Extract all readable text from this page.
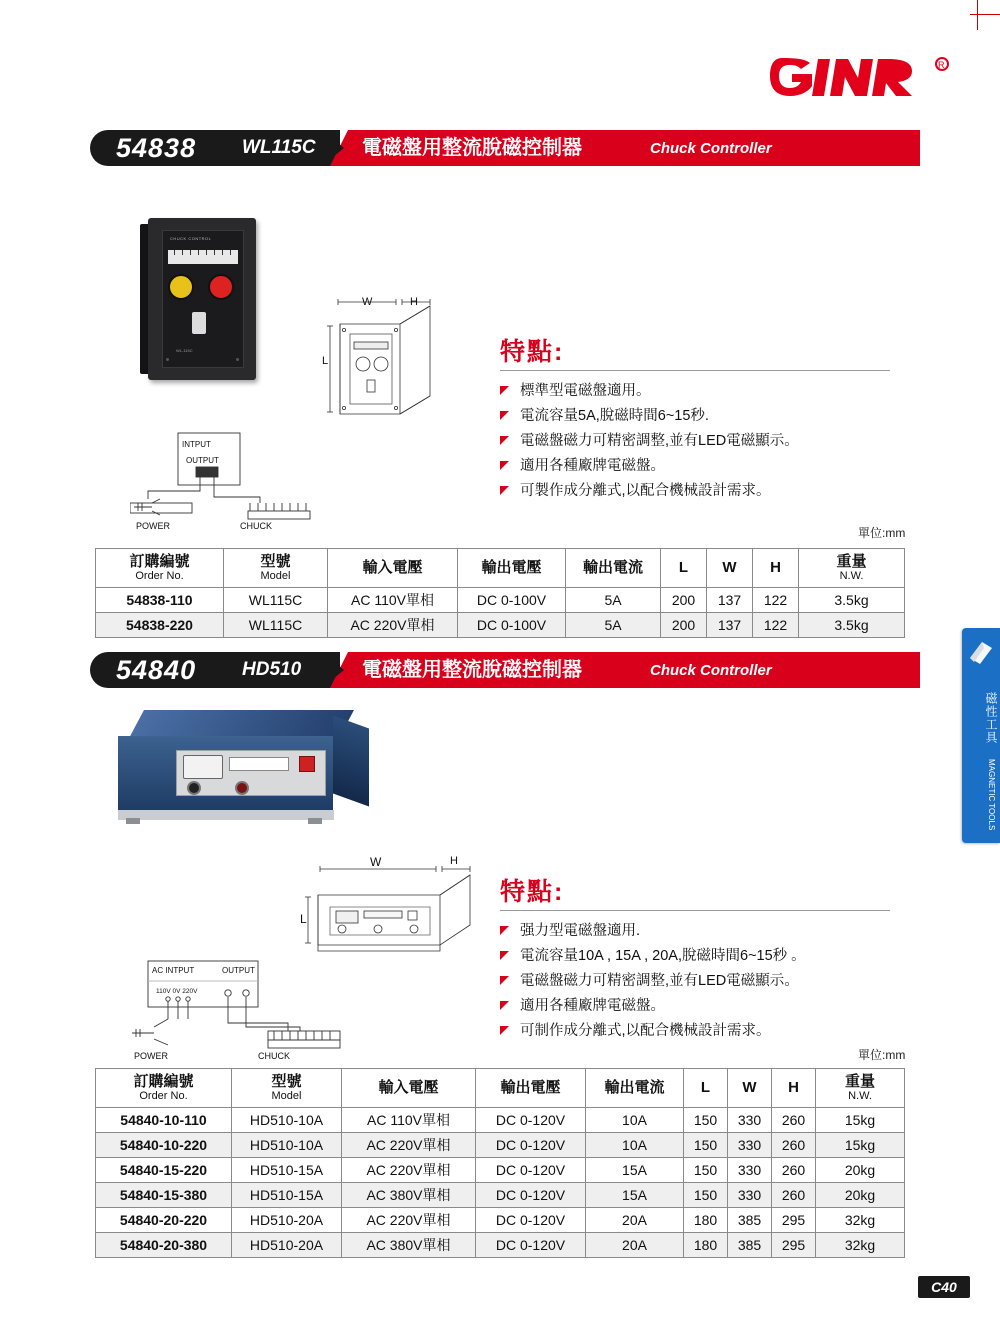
R
54838 WL115C 電磁盤用整流脫磁控制器	Chuck Controller
CHUCK CONTROL
WL-115C
W	H
L
INTPUT
OUTPUT
POWER	CHUCK
特點:
標準型電磁盤適用。
電流容量5A,脫磁時間6~15秒.
電磁盤磁力可精密調整,並有LED電磁顯示。
適用各種廠牌電磁盤。
可製作成分離式,以配合機械設計需求。
單位:mm
訂購編號
Order No.	型號
Model	輸入電壓	輸出電壓	輸出電流	L	W	H	重量
N.W.

54838-110	WL115C	AC 110V單相	DC 0-100V	5A	200	137	122	3.5kg
54838-220	WL115C	AC 220V單相	DC 0-100V	5A	200	137	122	3.5kg
54840 HD510	電磁盤用整流脫磁控制器	Chuck Controller
W	H
L
AC INTPUT	OUTPUT
110V 0V 220V
POWER	CHUCK
特點:
强力型電磁盤適用.
電流容量10A , 15A , 20A,脫磁時間6~15秒 。
電磁盤磁力可精密調整,並有LED電磁顯示。
適用各種廠牌電磁盤。
可制作成分離式,以配合機械設計需求。
單位:mm
訂購編號
Order No.	型號
Model	輸入電壓	輸出電壓	輸出電流	L	W	H	重量
N.W.

54840-10-110	HD510-10A	AC 110V單相	DC 0-120V	10A	150	330	260	15kg
54840-10-220	HD510-10A	AC 220V單相	DC 0-120V	10A	150	330	260	15kg
54840-15-220	HD510-15A	AC 220V單相	DC 0-120V	15A	150	330	260	20kg
54840-15-380	HD510-15A	AC 380V單相	DC 0-120V	15A	150	330	260	20kg
54840-20-220	HD510-20A	AC 220V單相	DC 0-120V	20A	180	385	295	32kg
54840-20-380	HD510-20A	AC 380V單相	DC 0-120V	20A	180	385	295	32kg
磁性工具 MAGNETIC TOOLS
C40
